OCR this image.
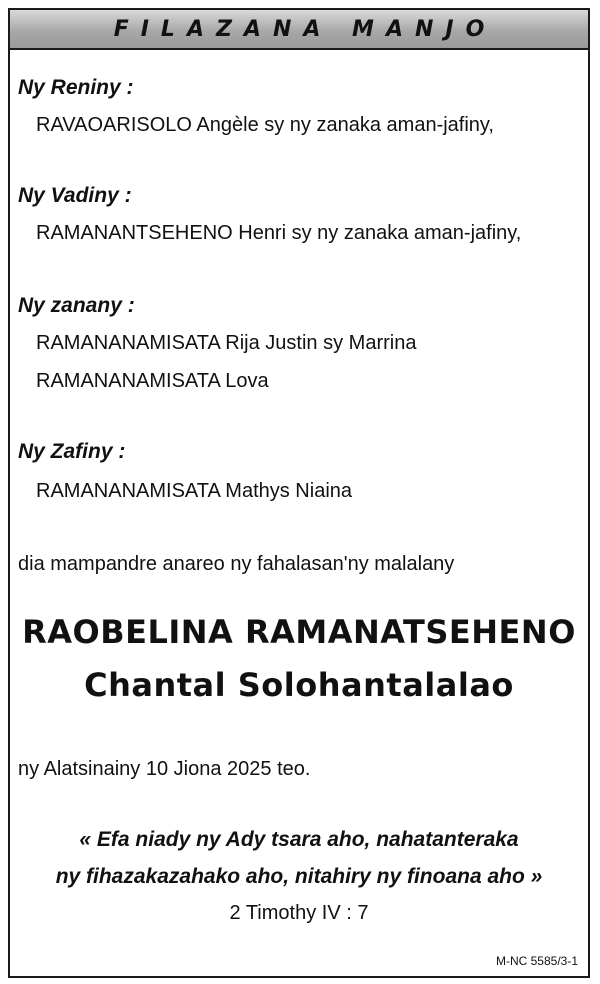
FILAZANA MANJO
Ny Reniny :
RAVAOARISOLO Angèle sy ny zanaka aman-jafiny,
Ny Vadiny :
RAMANANTSEHENO Henri sy ny zanaka aman-jafiny,
Ny zanany :
RAMANANAMISATA Rija Justin sy Marrina
RAMANANAMISATA Lova
Ny Zafiny :
RAMANANAMISATA Mathys Niaina
dia mampandre anareo ny fahalasan'ny malalany
RAOBELINA RAMANATSEHENO
Chantal Solohantalalao
ny Alatsinainy 10 Jiona 2025 teo.
« Efa niady ny Ady tsara aho, nahatanteraka
ny fihazakazahako aho, nitahiry ny finoana aho »
2 Timothy IV : 7
M-NC 5585/3-1
